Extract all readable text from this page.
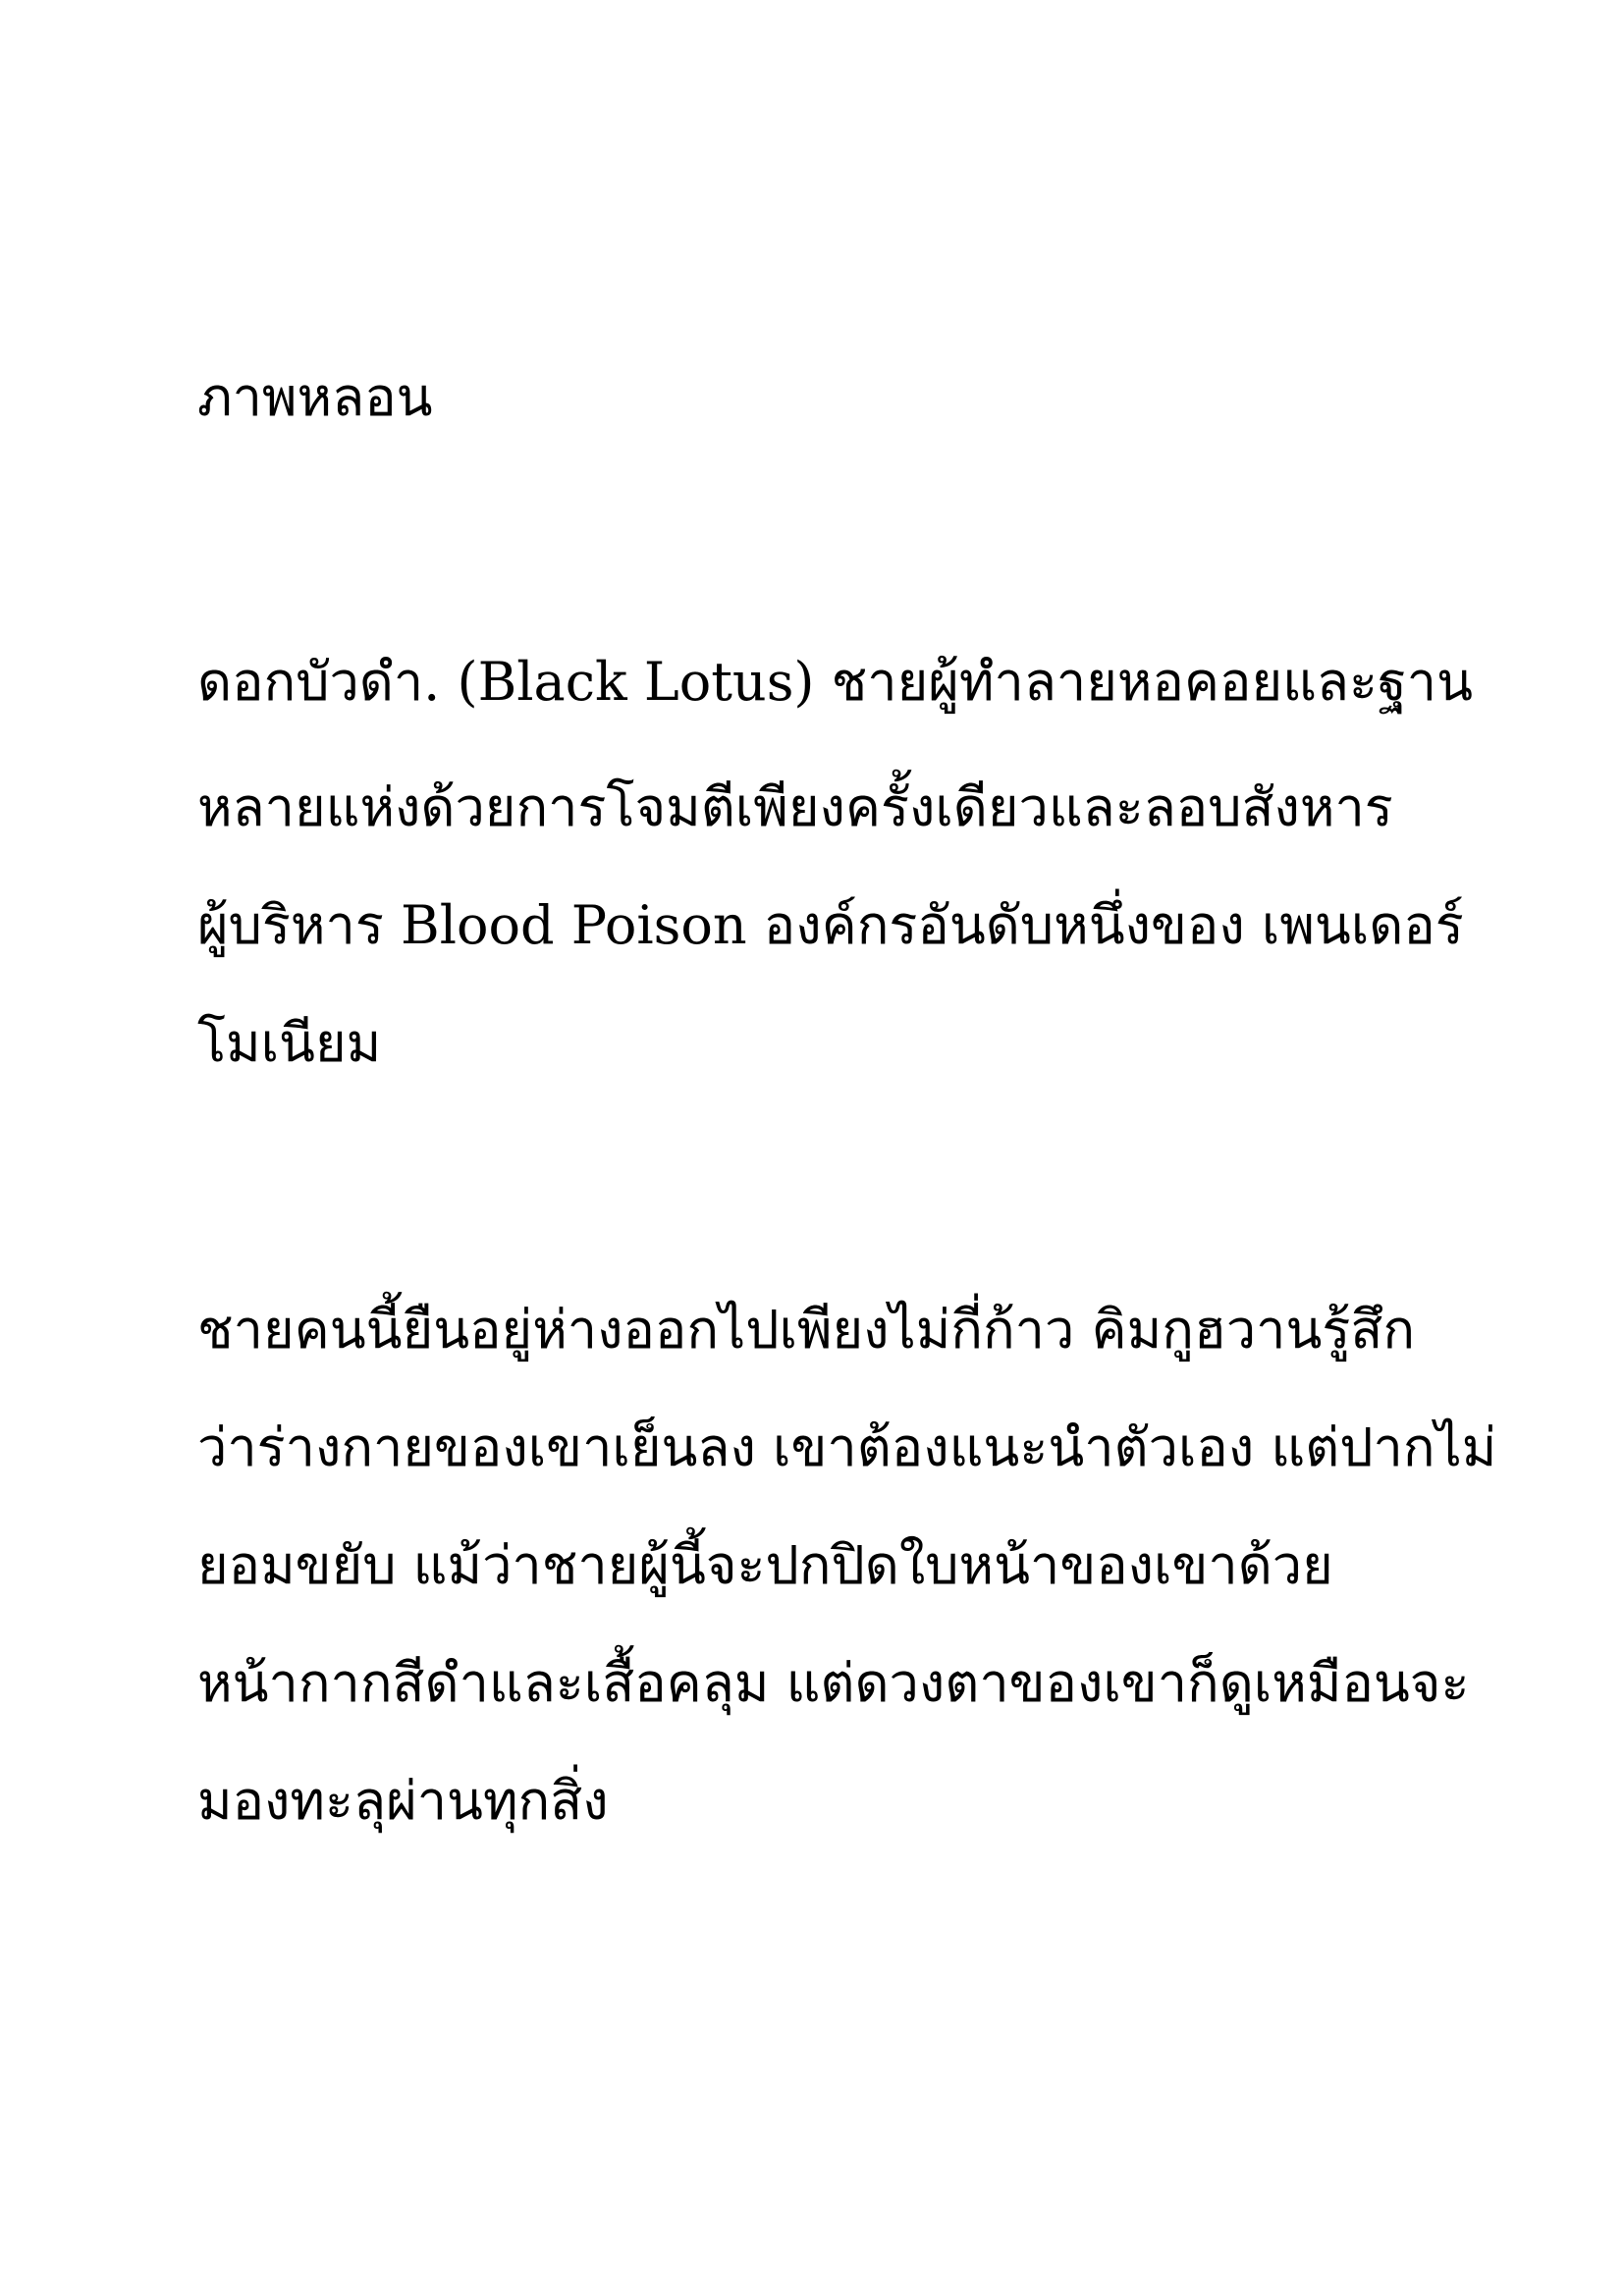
ภาพหลอน
ดอกบัวดำ. (Black Lotus) ชายผู้ทำลายหอคอยและฐาน
หลายแห่งด้วยการโจมตีเพียงครั้งเดียวและลอบสังหาร
ผู้บริหาร Blood Poison องค์กรอันดับหนึ่งของ เพนเดอร์
โมเนียม
ชายคนนี้ยืนอยู่ห่างออกไปเพียงไม่กี่ก้าว คิมกูฮวานรู้สึก
ว่าร่างกายของเขาเย็นลง เขาต้องแนะนำตัวเอง แต่ปากไม่
ยอมขยับ แม้ว่าชายผู้นี้จะปกปิดใบหน้าของเขาด้วย
หน้ากากสีดำและเสื้อคลุม แต่ดวงตาของเขาก็ดูเหมือนจะ
มองทะลุผ่านทุกสิ่ง
